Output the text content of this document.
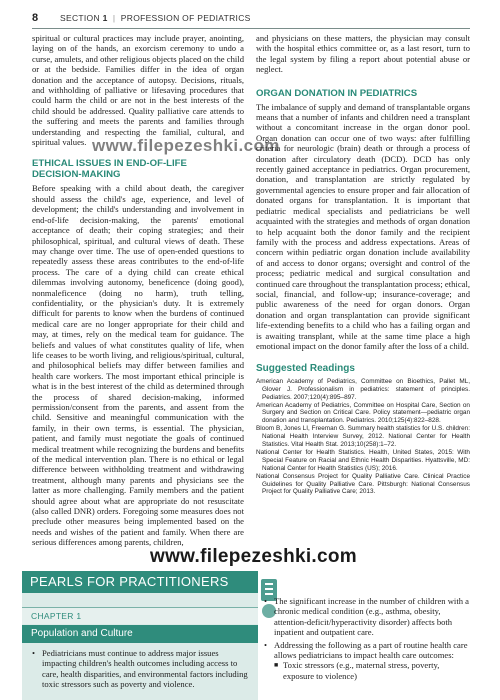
8	SECTION 1  |  PROFESSION OF PEDIATRICS

spiritual or cultural practices may include prayer, anointing, laying on of the hands, an exorcism ceremony to undo a curse, amulets, and other religious objects placed on the child or at the bedside. Families differ in the idea of organ donation and the acceptance of autopsy. Decisions, rituals, and withholding of palliative or lifesaving procedures that could harm the child or are not in the best interests of the child should be addressed. Quality palliative care attends to the suffering and meets the parents and families through understanding and respecting the familial, cultural, and spiritual values.

ETHICAL ISSUES IN END-OF-LIFE
DECISION-MAKING

Before speaking with a child about death, the caregiver should assess the child's age, experience, and level of development; the child's understanding and involvement in end-of-life decision-making, the parents' emotional acceptance of death; their coping strategies; and their philosophical, spiritual, and cultural views of death. These may change over time. The use of open-ended questions to repeatedly assess these areas contributes to the end-of-life process. The care of a dying child can create ethical dilemmas involving autonomy, beneficence (doing good), nonmaleficence (doing no harm), truth telling, confidentiality, or the physician's duty. It is extremely difficult for parents to know when the burdens of continued medical care are no longer appropriate for their child and may, at times, rely on the medical team for guidance. The beliefs and values of what constitutes quality of life, when life ceases to be worth living, and religious/spiritual, cultural, and philosophical beliefs may differ between families and health care workers. The most important ethical principle is what is in the best interest of the child as determined through the process of shared decision-making, informed permission/consent from the parents, and assent from the child. Sensitive and meaningful communication with the family, in their own terms, is essential. The physician, patient, and family must negotiate the goals of continued medical treatment while recognizing the burdens and benefits of the medical intervention plan. There is no ethical or legal difference between withholding treatment and withdrawing treatment, although many parents and physicians see the latter as more challenging. Family members and the patient should agree about what are appropriate do not resuscitate (also called DNR) orders. Foregoing some measures does not preclude other measures being implemented based on the needs and wishes of the patient and family. When there are serious differences among parents, children,

and physicians on these matters, the physician may consult with the hospital ethics committee or, as a last resort, turn to the legal system by filing a report about potential abuse or neglect.

ORGAN DONATION IN PEDIATRICS

The imbalance of supply and demand of transplantable organs means that a number of infants and children need a transplant without a concomitant increase in the organ donor pool. Organ donation can occur one of two ways: after fulfilling criteria for neurologic (brain) death or through a process of donation after circulatory death (DCD). DCD has only recently gained acceptance in pediatrics. Organ procurement, donation, and transplantation are strictly regulated by governmental agencies to ensure proper and fair allocation of donated organs for transplantation. It is important that pediatric medical specialists and pediatricians be well acquainted with the strategies and methods of organ donation to help acquaint both the donor family and the recipient family with the process and address expectations. Areas of concern within pediatric organ donation include availability of and access to donor organs; oversight and control of the process; pediatric medical and surgical consultation and continued care throughout the transplantation process; ethical, social, financial, and follow-up; insurance-coverage; and public awareness of the need for organ donors. Organ donation and organ transplantation can provide significant life-extending benefits to a child who has a failing organ and is awaiting transplant, while at the same time place a high emotional impact on the donor family after the loss of a child.

Suggested Readings

American Academy of Pediatrics, Committee on Bioethics, Pallet ML, Glover J. Professionalism in pediatrics: statement of principles. Pediatrics. 2007;120(4):895–897.

American Academy of Pediatrics, Committee on Hospital Care, Section on Surgery and Section on Critical Care. Policy statement—pediatric organ donation and transplantation. Pediatrics. 2010;125(4):822–828.

Bloom B, Jones LI, Freeman G. Summary health statistics for U.S. children: National Health Interview Survey, 2012. National Center for Health Statistics. Vital Health Stat. 2013;10(258):1–72.

National Center for Health Statistics. Health, United States, 2015: With Special Feature on Racial and Ethnic Health Disparities. Hyattsville, MD: National Center for Health Statistics (US); 2016.

National Consensus Project for Quality Palliative Care. Clinical Practice Guidelines for Quality Palliative Care. Pittsburgh: National Consensus Project for Quality Palliative Care; 2013.

www.filepezeshki.com
www.filepezeshki.com
PEARLS FOR PRACTITIONERS
CHAPTER 1
Population and Culture
• Pediatricians must continue to address major issues impacting children's health outcomes including access to care, health disparities, and environmental factors including toxic stressors such as poverty and violence.
• The significant increase in the number of children with a chronic medical condition (e.g., asthma, obesity, attention-deficit/hyperactivity disorder) affects both inpatient and outpatient care.
• Addressing the following as a part of routine health care allows pediatricians to impact health care outcomes:
■ Toxic stressors (e.g., maternal stress, poverty, exposure to violence)
